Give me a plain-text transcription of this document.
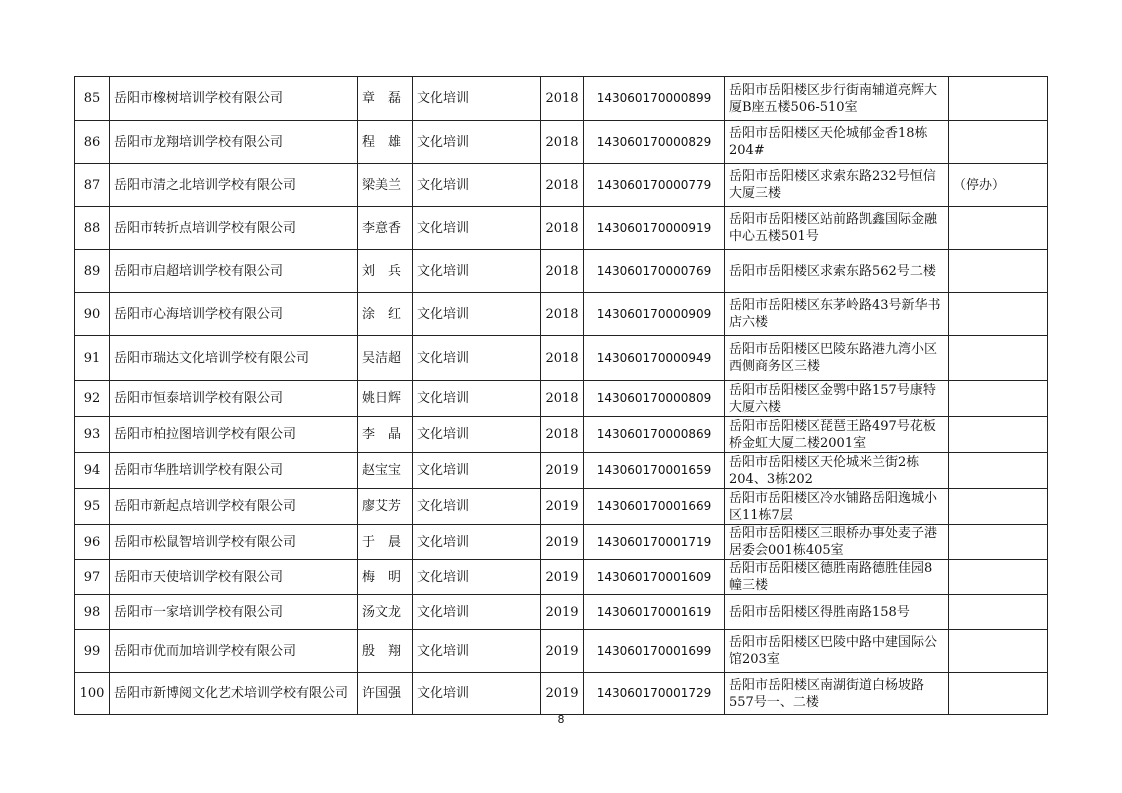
85	岳阳市橡树培训学校有限公司	章　磊	文化培训	2018	143060170000899	岳阳市岳阳楼区步行街南辅道亮辉大厦B座五楼506-510室	
86	岳阳市龙翔培训学校有限公司	程　雄	文化培训	2018	143060170000829	岳阳市岳阳楼区天伦城郁金香18栋204#	
87	岳阳市清之北培训学校有限公司	梁美兰	文化培训	2018	143060170000779	岳阳市岳阳楼区求索东路232号恒信大厦三楼	（停办）
88	岳阳市转折点培训学校有限公司	李意香	文化培训	2018	143060170000919	岳阳市岳阳楼区站前路凯鑫国际金融中心五楼501号	
89	岳阳市启超培训学校有限公司	刘　兵	文化培训	2018	143060170000769	岳阳市岳阳楼区求索东路562号二楼	
90	岳阳市心海培训学校有限公司	涂　红	文化培训	2018	143060170000909	岳阳市岳阳楼区东茅岭路43号新华书店六楼	
91	岳阳市瑞达文化培训学校有限公司	吴洁超	文化培训	2018	143060170000949	岳阳市岳阳楼区巴陵东路港九湾小区西侧商务区三楼	
92	岳阳市恒泰培训学校有限公司	姚日辉	文化培训	2018	143060170000809	岳阳市岳阳楼区金鹗中路157号康特大厦六楼	
93	岳阳市柏拉图培训学校有限公司	李　晶	文化培训	2018	143060170000869	岳阳市岳阳楼区琵琶王路497号花板桥金虹大厦二楼2001室	
94	岳阳市华胜培训学校有限公司	赵宝宝	文化培训	2019	143060170001659	岳阳市岳阳楼区天伦城米兰街2栋204、3栋202	
95	岳阳市新起点培训学校有限公司	廖艾芳	文化培训	2019	143060170001669	岳阳市岳阳楼区冷水铺路岳阳逸城小区11栋7层	
96	岳阳市松鼠智培训学校有限公司	于　晨	文化培训	2019	143060170001719	岳阳市岳阳楼区三眼桥办事处麦子港居委会001栋405室	
97	岳阳市天使培训学校有限公司	梅　明	文化培训	2019	143060170001609	岳阳市岳阳楼区德胜南路德胜佳园8幢三楼	
98	岳阳市一家培训学校有限公司	汤文龙	文化培训	2019	143060170001619	岳阳市岳阳楼区得胜南路158号	
99	岳阳市优而加培训学校有限公司	殷　翔	文化培训	2019	143060170001699	岳阳市岳阳楼区巴陵中路中建国际公馆203室	
100	岳阳市新博阅文化艺术培训学校有限公司	许国强	文化培训	2019	143060170001729	岳阳市岳阳楼区南湖街道白杨坡路557号一、二楼	
8
